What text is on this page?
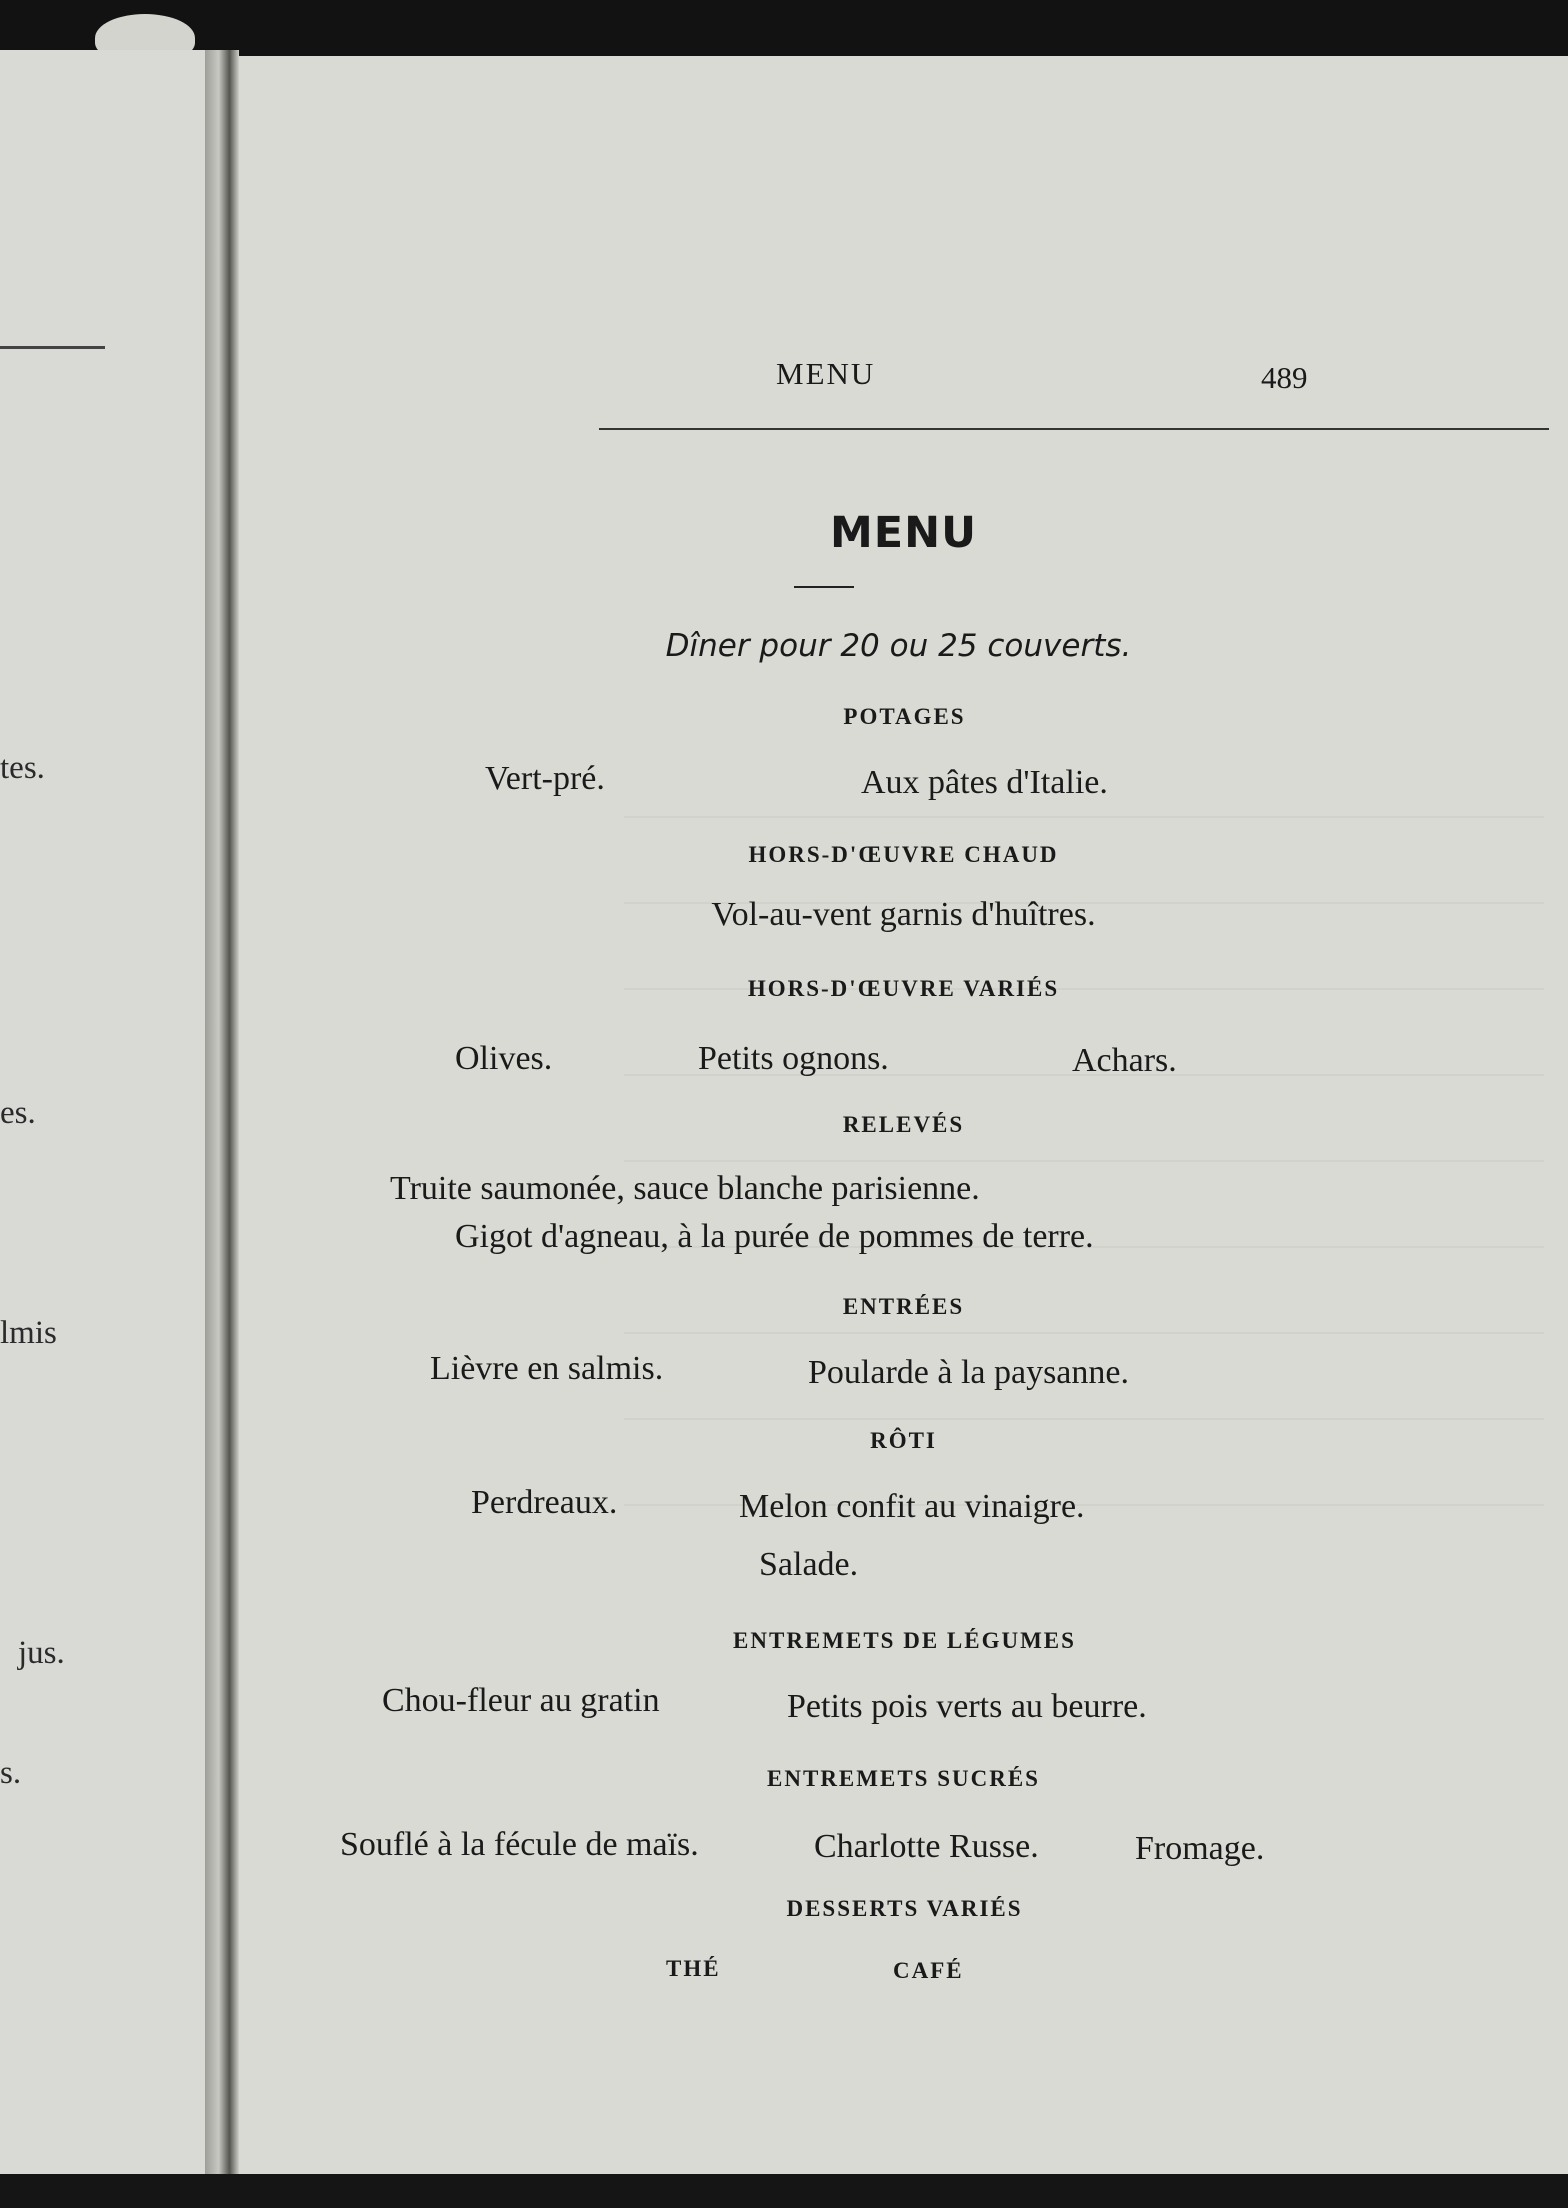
tes.
es.
lmis
jus.
s.
MENU	489
MENU
Dîner pour 20 ou 25 couverts.
POTAGES
Vert-pré.	Aux pâtes d'Italie.
HORS-D'ŒUVRE CHAUD
Vol-au-vent garnis d'huîtres.
HORS-D'ŒUVRE VARIÉS
Olives.	Petits ognons.	Achars.
RELEVÉS
Truite saumonée, sauce blanche parisienne.
Gigot d'agneau, à la purée de pommes de terre.
ENTRÉES
Lièvre en salmis.	Poularde à la paysanne.
RÔTI
Perdreaux.	Melon confit au vinaigre.
Salade.
ENTREMETS DE LÉGUMES
Chou-fleur au gratin	Petits pois verts au beurre.
ENTREMETS SUCRÉS
Souflé à la fécule de maïs.	Charlotte Russe.	Fromage.
DESSERTS VARIÉS
THÉ	CAFÉ
